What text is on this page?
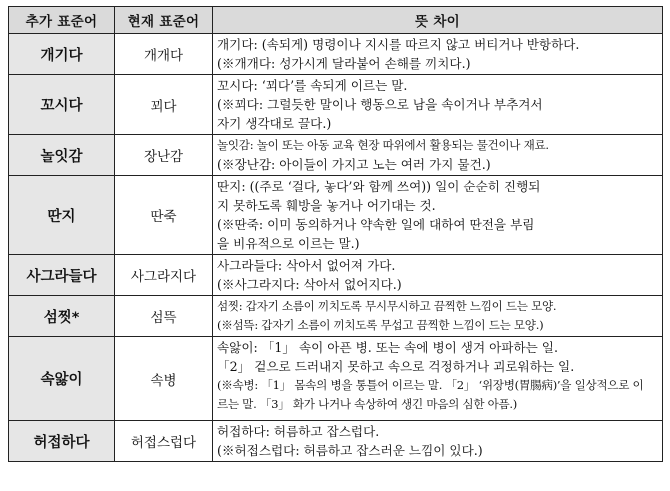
추가 표준어	현재 표준어	뜻 차이
개기다	개개다	개기다: (속되게) 명령이나 지시를 따르지 않고 버티거나 반항하다.
(※개개다: 성가시게 달라붙어 손해를 끼치다.)

꼬시다	꾀다	꼬시다: ‘꾀다’를 속되게 이르는 말.
(※꾀다: 그럴듯한 말이나 행동으로 남을 속이거나 부추겨서
자기 생각대로 끌다.)

놀잇감	장난감	놀잇감: 놀이 또는 아동 교육 현장 따위에서 활용되는 물건이나 재료.
(※장난감: 아이들이 가지고 노는 여러 가지 물건.)

딴지	딴죽	딴지: ((주로 ‘걸다, 놓다’와 함께 쓰여)) 일이 순순히 진행되
지 못하도록 훼방을 놓거나 어기대는 것.
(※딴죽: 이미 동의하거나 약속한 일에 대하여 딴전을 부림
을 비유적으로 이르는 말.)

사그라들다	사그라지다	사그라들다: 삭아서 없어져 가다.
(※사그라지다: 삭아서 없어지다.)

섬찟*	섬뜩	섬찟: 갑자기 소름이 끼치도록 무시무시하고 끔찍한 느낌이 드는 모양.
(※섬뜩: 갑자기 소름이 끼치도록 무섭고 끔찍한 느낌이 드는 모양.)

속앓이	속병	속앓이: 「1」 속이 아픈 병. 또는 속에 병이 생겨 아파하는 일.
「2」 겉으로 드러내지 못하고 속으로 걱정하거나 괴로워하는 일.
(※속병: 「1」 몸속의 병을 통틀어 이르는 말. 「2」 ‘위장병(胃腸病)’을 일상적으로 이
르는 말. 「3」 화가 나거나 속상하여 생긴 마음의 심한 아픔.)

허접하다	허접스럽다	허접하다: 허름하고 잡스럽다.
(※허접스럽다: 허름하고 잡스러운 느낌이 있다.)
